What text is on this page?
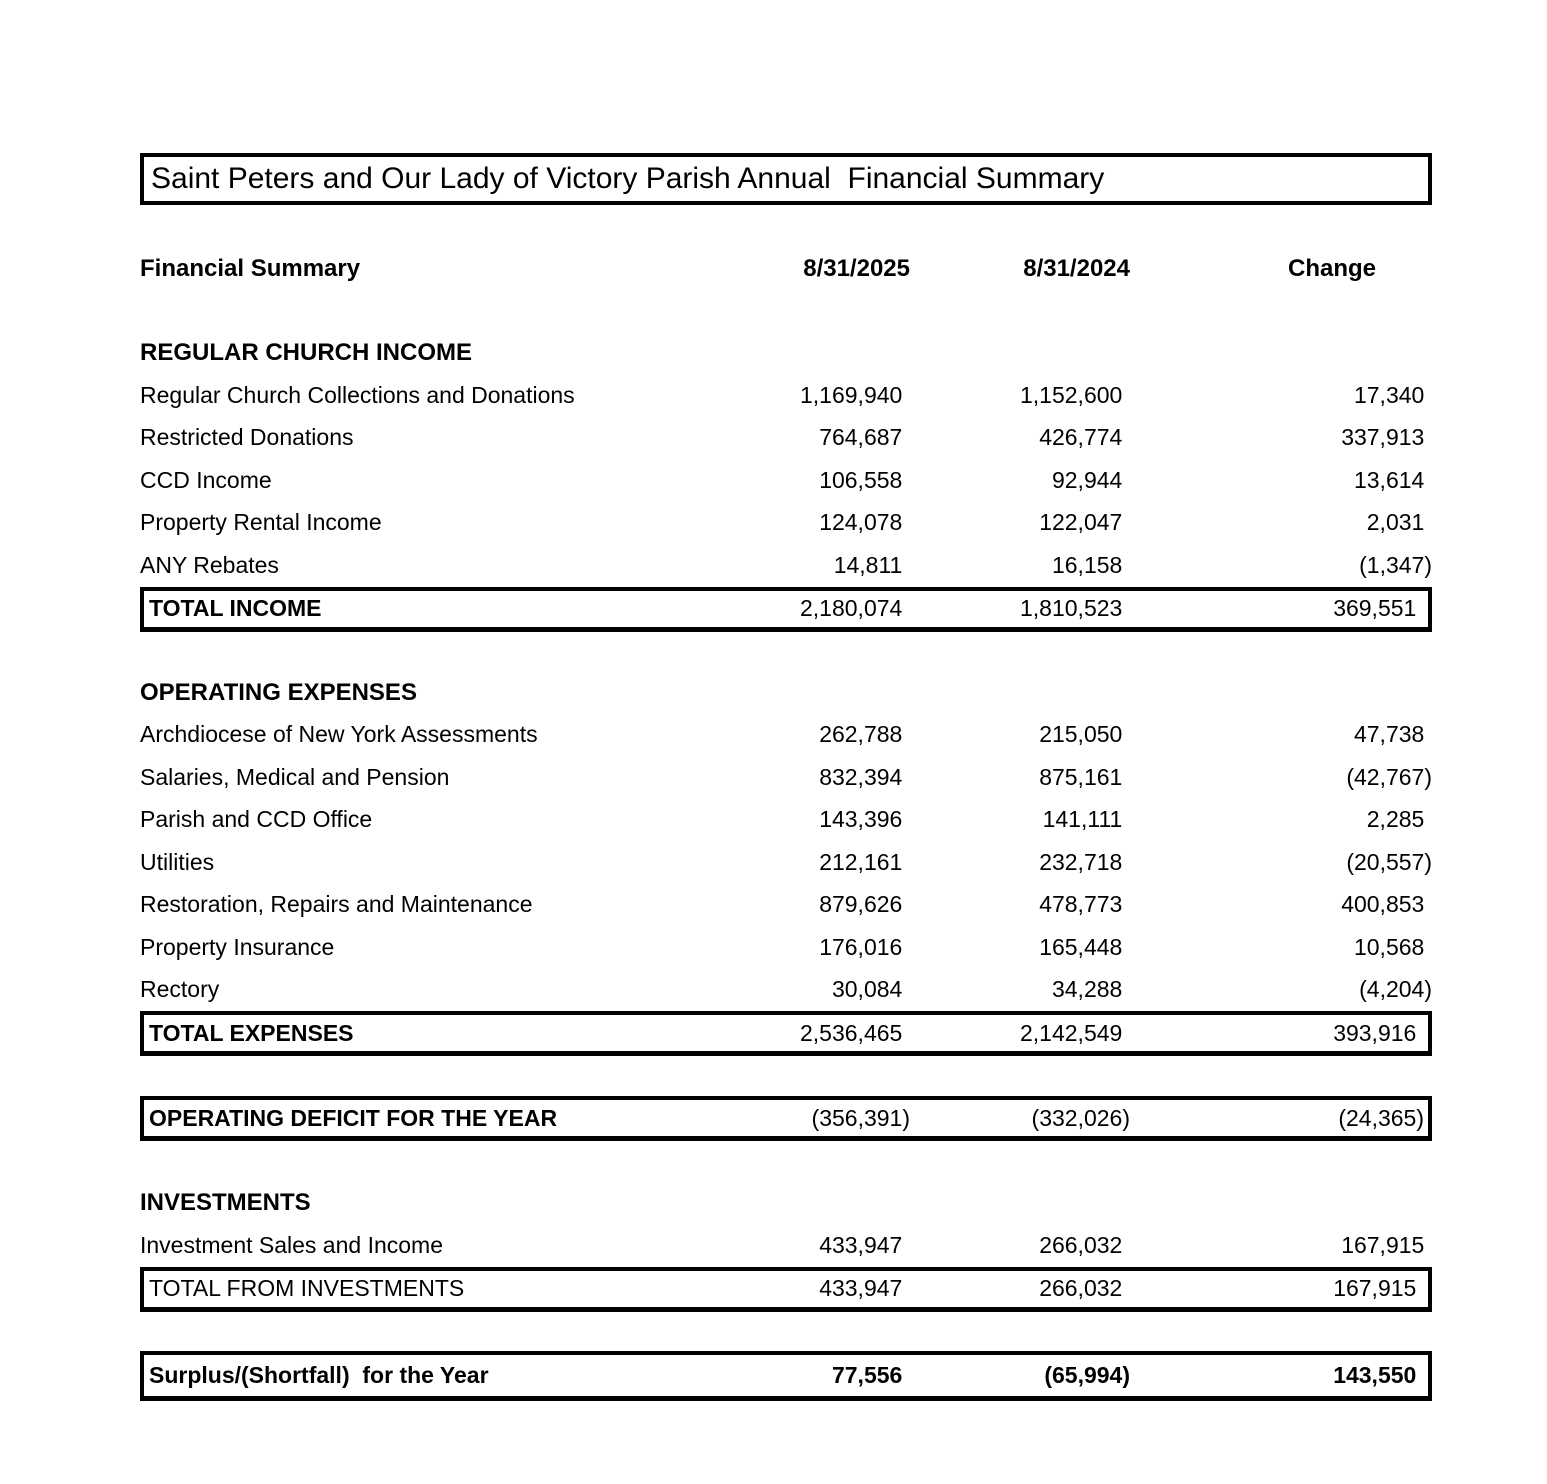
Saint Peters and Our Lady of Victory Parish Annual  Financial Summary
Financial Summary	8/31/2025	8/31/2024	Change
REGULAR CHURCH INCOME
Regular Church Collections and Donations	1,169,940	1,152,600	17,340
Restricted Donations	764,687	426,774	337,913
CCD Income	106,558	92,944	13,614
Property Rental Income	124,078	122,047	2,031
ANY Rebates	14,811	16,158	(1,347)
TOTAL INCOME	2,180,074	1,810,523	369,551
OPERATING EXPENSES
Archdiocese of New York Assessments	262,788	215,050	47,738
Salaries, Medical and Pension	832,394	875,161	(42,767)
Parish and CCD Office	143,396	141,111	2,285
Utilities	212,161	232,718	(20,557)
Restoration, Repairs and Maintenance	879,626	478,773	400,853
Property Insurance	176,016	165,448	10,568
Rectory	30,084	34,288	(4,204)
TOTAL EXPENSES	2,536,465	2,142,549	393,916
OPERATING DEFICIT FOR THE YEAR	(356,391)	(332,026)	(24,365)
INVESTMENTS
Investment Sales and Income	433,947	266,032	167,915
TOTAL FROM INVESTMENTS	433,947	266,032	167,915
Surplus/(Shortfall)  for the Year	77,556	(65,994)	143,550
